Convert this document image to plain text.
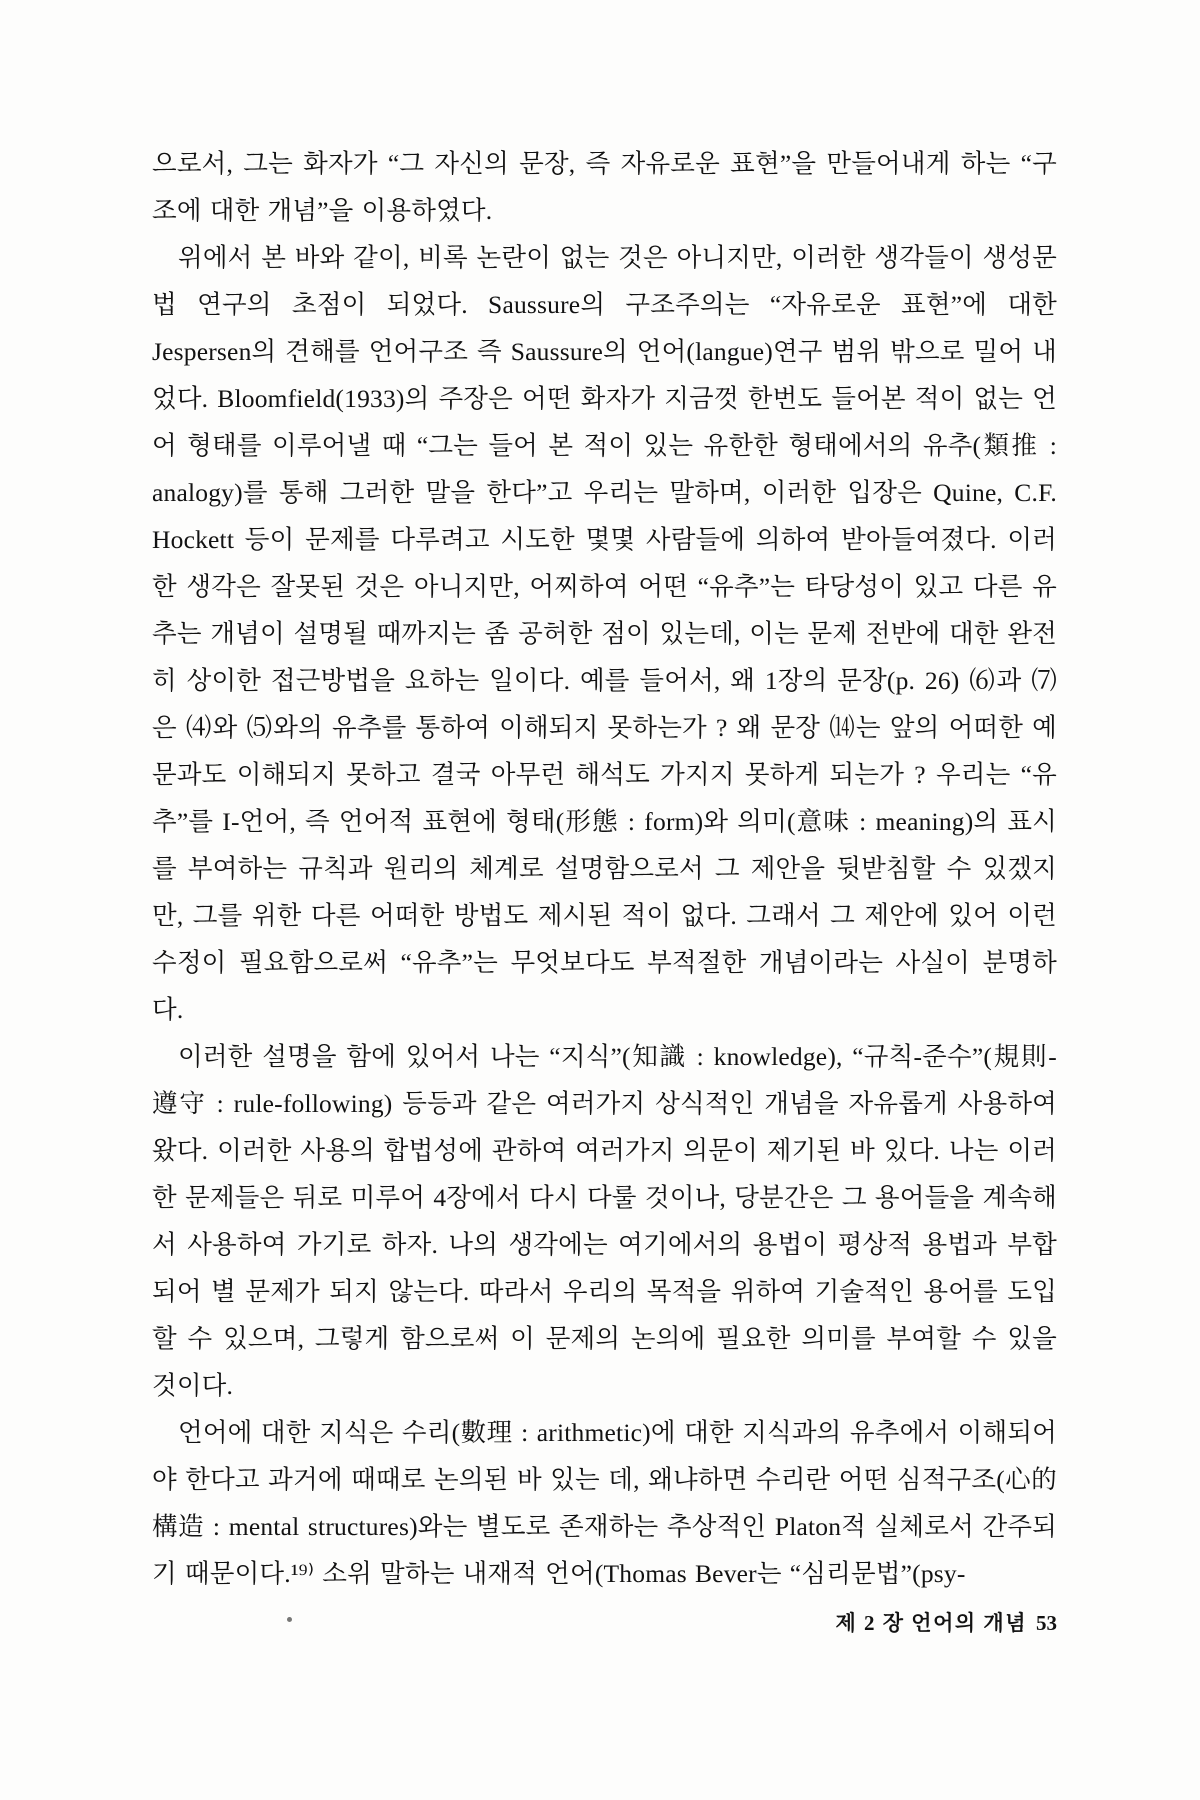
으로서, 그는 화자가 “그 자신의 문장, 즉 자유로운 표현”을 만들어내게 하는 “구조에 대한 개념”을 이용하였다.

위에서 본 바와 같이, 비록 논란이 없는 것은 아니지만, 이러한 생각들이 생성문법 연구의 초점이 되었다. Saussure의 구조주의는 “자유로운 표현”에 대한 Jespersen의 견해를 언어구조 즉 Saussure의 언어(langue)연구 범위 밖으로 밀어 내었다. Bloomfield(1933)의 주장은 어떤 화자가 지금껏 한번도 들어본 적이 없는 언어 형태를 이루어낼 때 “그는 들어 본 적이 있는 유한한 형태에서의 유추(類推 : analogy)를 통해 그러한 말을 한다”고 우리는 말하며, 이러한 입장은 Quine, C.F. Hockett 등이 문제를 다루려고 시도한 몇몇 사람들에 의하여 받아들여졌다. 이러한 생각은 잘못된 것은 아니지만, 어찌하여 어떤 “유추”는 타당성이 있고 다른 유추는 개념이 설명될 때까지는 좀 공허한 점이 있는데, 이는 문제 전반에 대한 완전히 상이한 접근방법을 요하는 일이다. 예를 들어서, 왜 1장의 문장(p. 26) ⑹과 ⑺은 ⑷와 ⑸와의 유추를 통하여 이해되지 못하는가 ? 왜 문장 ⒁는 앞의 어떠한 예문과도 이해되지 못하고 결국 아무런 해석도 가지지 못하게 되는가 ? 우리는 “유추”를 I-언어, 즉 언어적 표현에 형태(形態 : form)와 의미(意味 : meaning)의 표시를 부여하는 규칙과 원리의 체계로 설명함으로서 그 제안을 뒷받침할 수 있겠지만, 그를 위한 다른 어떠한 방법도 제시된 적이 없다. 그래서 그 제안에 있어 이런 수정이 필요함으로써 “유추”는 무엇보다도 부적절한 개념이라는 사실이 분명하다.

이러한 설명을 함에 있어서 나는 “지식”(知識 : knowledge), “규칙-준수”(規則-遵守 : rule-following) 등등과 같은 여러가지 상식적인 개념을 자유롭게 사용하여 왔다. 이러한 사용의 합법성에 관하여 여러가지 의문이 제기된 바 있다. 나는 이러한 문제들은 뒤로 미루어 4장에서 다시 다룰 것이나, 당분간은 그 용어들을 계속해서 사용하여 가기로 하자. 나의 생각에는 여기에서의 용법이 평상적 용법과 부합되어 별 문제가 되지 않는다. 따라서 우리의 목적을 위하여 기술적인 용어를 도입할 수 있으며, 그렇게 함으로써 이 문제의 논의에 필요한 의미를 부여할 수 있을 것이다.

언어에 대한 지식은 수리(數理 : arithmetic)에 대한 지식과의 유추에서 이해되어야 한다고 과거에 때때로 논의된 바 있는 데, 왜냐하면 수리란 어떤 심적구조(心的構造 : mental structures)와는 별도로 존재하는 추상적인 Platon적 실체로서 간주되기 때문이다.¹⁹⁾ 소위 말하는 내재적 언어(Thomas Bever는 “심리문법”(psy-

제 2 장 언어의 개념 53
